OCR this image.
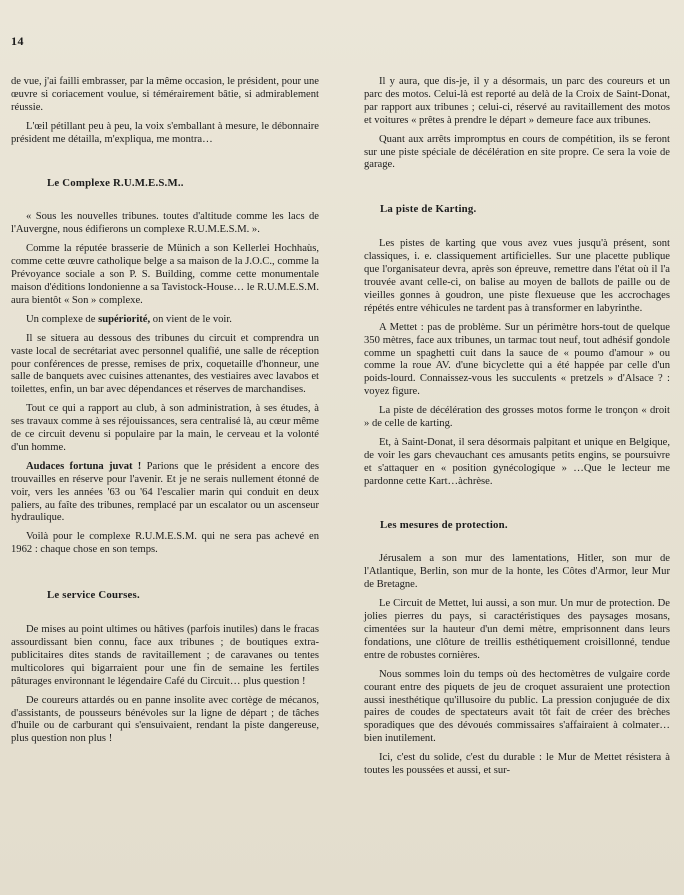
14

de vue, j'ai failli embrasser, par la même occasion, le président, pour une œuvre si coriacement voulue, si témérairement bâtie, si admirablement réussie.

L'œil pétillant peu à peu, la voix s'emballant à mesure, le débonnaire président me détailla, m'expliqua, me montra…

Le Complexe R.U.M.E.S.M..

« Sous les nouvelles tribunes. toutes d'altitude comme les lacs de l'Auvergne, nous édifierons un complexe R.U.M.E.S.M. ».

Comme la réputée brasserie de Münich a son Kellerlei Hochhaùs, comme cette œuvre catholique belge a sa maison de la J.O.C., comme la Prévoyance sociale a son P. S. Building, comme cette monumentale maison d'éditions londonienne a sa Tavistock-House… le R.U.M.E.S.M. aura bientôt « Son » complexe.

Un complexe de supériorité, on vient de le voir.

Il se situera au dessous des tribunes du circuit et comprendra un vaste local de secrétariat avec personnel qualifié, une salle de réception pour conférences de presse, remises de prix, coquetaille d'honneur, une salle de banquets avec cuisines attenantes, des vestiaires avec lavabos et toilettes, enfin, un bar avec dépendances et réserves de marchandises.

Tout ce qui a rapport au club, à son administration, à ses études, à ses travaux comme à ses réjouissances, sera centralisé là, au cœur même de ce circuit devenu si populaire par la main, le cerveau et la volonté d'un homme.

Audaces fortuna juvat ! Parions que le président a encore des trouvailles en réserve pour l'avenir. Et je ne serais nullement étonné de voir, vers les années '63 ou '64 l'escalier marin qui conduit en deux paliers, au faîte des tribunes, remplacé par un escalator ou un ascenseur hydraulique.

Voilà pour le complexe R.U.M.E.S.M. qui ne sera pas achevé en 1962 : chaque chose en son temps.

Le service Courses.

De mises au point ultimes ou hâtives (parfois inutiles) dans le fracas assourdissant bien connu, face aux tribunes ; de boutiques extra-publicitaires dites stands de ravitaillement ; de caravanes ou tentes multicolores qui bigarraient pour une fin de semaine les fertiles pâturages environnant le légendaire Café du Circuit… plus question !

De coureurs attardés ou en panne insolite avec cortège de mécanos, d'assistants, de pousseurs bénévoles sur la ligne de départ ; de tâches d'huile ou de carburant qui s'ensuivaient, rendant la piste dangereuse, plus question non plus !

Il y aura, que dis-je, il y a désormais, un parc des coureurs et un parc des motos. Celui-là est reporté au delà de la Croix de Saint-Donat, par rapport aux tribunes ; celui-ci, réservé au ravitaillement des motos et voitures « prêtes à prendre le départ » demeure face aux tribunes.

Quant aux arrêts impromptus en cours de compétition, ils se feront sur une piste spéciale de décélération en site propre. Ce sera la voie de garage.

La piste de Karting.

Les pistes de karting que vous avez vues jusqu'à présent, sont classiques, i. e. classiquement artificielles. Sur une placette publique que l'organisateur devra, après son épreuve, remettre dans l'état où il l'a trouvée avant celle-ci, on balise au moyen de ballots de paille ou de vieilles gonnes à goudron, une piste flexueuse que les accrochages répétés entre véhicules ne tardent pas à transformer en labyrinthe.

A Mettet : pas de problème. Sur un périmètre hors-tout de quelque 350 mètres, face aux tribunes, un tarmac tout neuf, tout adhésif gondole comme un spaghetti cuit dans la sauce de « poumo d'amour » ou comme la roue AV. d'une bicyclette qui a été happée par celle d'un poids-lourd. Connaissez-vous les succulents « pretzels » d'Alsace ? : voyez figure.

La piste de décélération des grosses motos forme le tronçon « droit » de celle de karting.

Et, à Saint-Donat, il sera désormais palpitant et unique en Belgique, de voir les gars chevauchant ces amusants petits engins, se poursuivre et s'attaquer en « position gynécologique » …Que le lecteur me pardonne cette Kart…àchrèse.

Les mesures de protection.

Jérusalem a son mur des lamentations, Hitler, son mur de l'Atlantique, Berlin, son mur de la honte, les Côtes d'Armor, leur Mur de Bretagne.

Le Circuit de Mettet, lui aussi, a son mur. Un mur de protection. De jolies pierres du pays, si caractéristiques des paysages mosans, cimentées sur la hauteur d'un demi mètre, emprisonnent dans leurs fondations, une clôture de treillis esthétiquement croisillonné, tendue entre de robustes cornières.

Nous sommes loin du temps où des hectomètres de vulgaire corde courant entre des piquets de jeu de croquet assuraient une protection aussi inesthétique qu'illusoire du public. La pression conjuguée de dix paires de coudes de spectateurs avait tôt fait de créer des brèches sporadiques que des dévoués commissaires s'affairaient à colmater… bien inutilement.

Ici, c'est du solide, c'est du durable : le Mur de Mettet résistera à toutes les poussées et aussi, et sur-
